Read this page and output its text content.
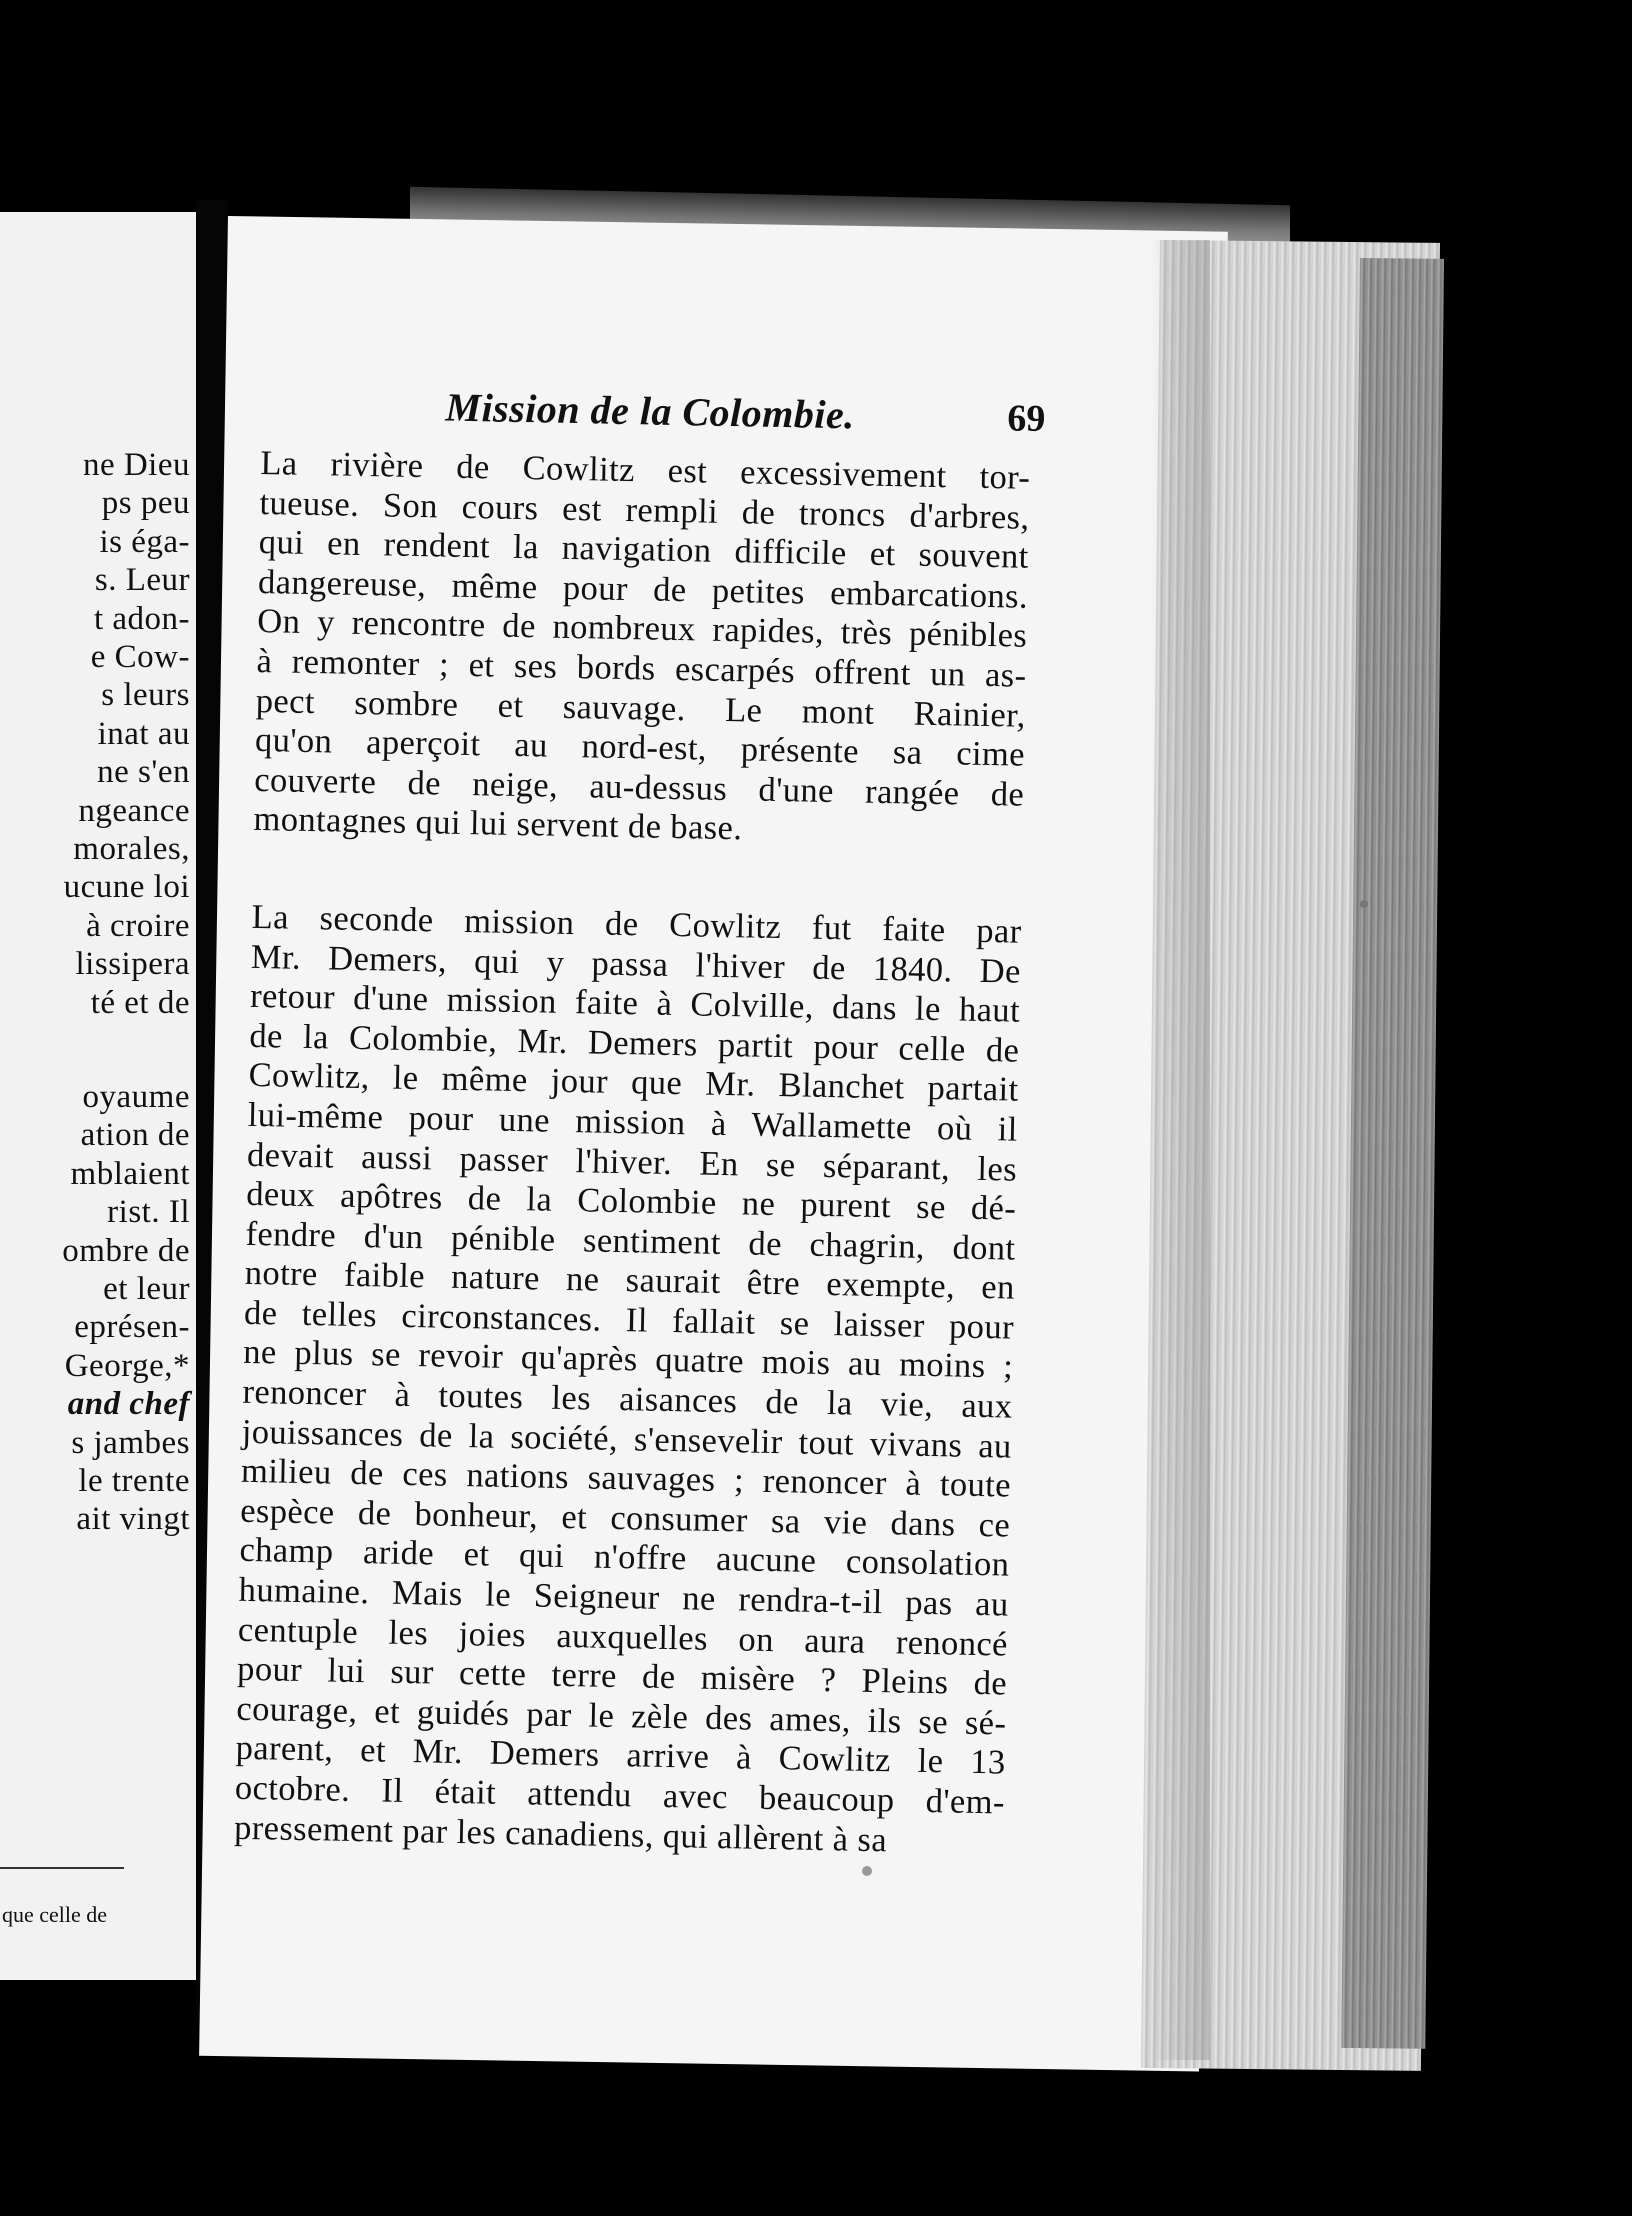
ne Dieu
ps peu
is éga-
s. Leur
t adon-
e Cow-
s leurs
inat au
ne s'en
ngeance
morales,
ucune loi
à croire
lissipera
té et de
oyaume
ation de
mblaient
rist. Il
ombre de
et leur
eprésen-
George,*
and chef
s jambes
le trente
ait vingt
que celle de
Mission de la Colombie.	69
La rivière de Cowlitz est excessivement tor-
tueuse. Son cours est rempli de troncs d'arbres,
qui en rendent la navigation difficile et souvent
dangereuse, même pour de petites embarcations.
On y rencontre de nombreux rapides, très pénibles
à remonter ; et ses bords escarpés offrent un as-
pect sombre et sauvage. Le mont Rainier,
qu'on aperçoit au nord-est, présente sa cime
couverte de neige, au-dessus d'une rangée de
montagnes qui lui servent de base.
La seconde mission de Cowlitz fut faite par
Mr. Demers, qui y passa l'hiver de 1840. De
retour d'une mission faite à Colville, dans le haut
de la Colombie, Mr. Demers partit pour celle de
Cowlitz, le même jour que Mr. Blanchet partait
lui-même pour une mission à Wallamette où il
devait aussi passer l'hiver. En se séparant, les
deux apôtres de la Colombie ne purent se dé-
fendre d'un pénible sentiment de chagrin, dont
notre faible nature ne saurait être exempte, en
de telles circonstances. Il fallait se laisser pour
ne plus se revoir qu'après quatre mois au moins ;
renoncer à toutes les aisances de la vie, aux
jouissances de la société, s'ensevelir tout vivans au
milieu de ces nations sauvages ; renoncer à toute
espèce de bonheur, et consumer sa vie dans ce
champ aride et qui n'offre aucune consolation
humaine. Mais le Seigneur ne rendra-t-il pas au
centuple les joies auxquelles on aura renoncé
pour lui sur cette terre de misère ? Pleins de
courage, et guidés par le zèle des ames, ils se sé-
parent, et Mr. Demers arrive à Cowlitz le 13
octobre. Il était attendu avec beaucoup d'em-
pressement par les canadiens, qui allèrent à sa
